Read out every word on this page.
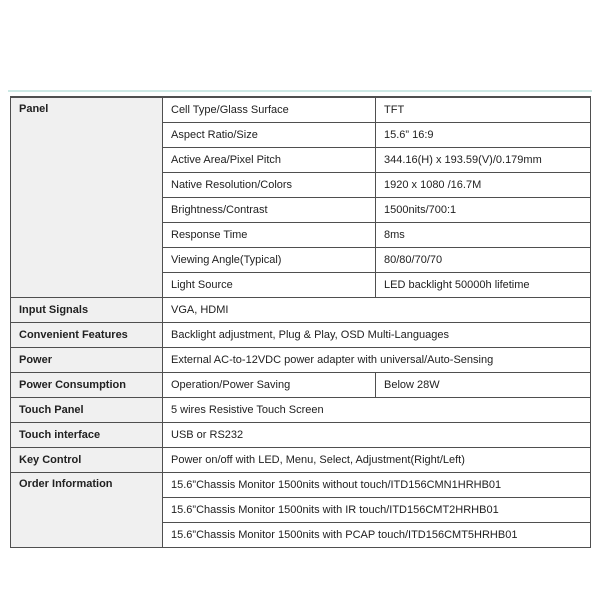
Panel	Cell Type/Glass Surface	TFT
	Aspect Ratio/Size	15.6” 16:9
	Active Area/Pixel Pitch	344.16(H) x 193.59(V)/0.179mm
	Native Resolution/Colors	1920 x 1080 /16.7M
	Brightness/Contrast	1500nits/700:1
	Response Time	8ms
	Viewing Angle(Typical)	80/80/70/70
	Light Source	LED backlight 50000h lifetime
Input Signals	VGA, HDMI	
Convenient Features	Backlight adjustment, Plug & Play, OSD Multi-Languages	
Power	External AC-to-12VDC power adapter with universal/Auto-Sensing	
Power Consumption	Operation/Power Saving	Below 28W
Touch Panel	5 wires Resistive Touch Screen	
Touch interface	USB or RS232	
Key Control	Power on/off with LED, Menu, Select, Adjustment(Right/Left)	
Order Information	15.6”Chassis Monitor 1500nits without touch/ITD156CMN1HRHB01	
	15.6”Chassis Monitor 1500nits with IR touch/ITD156CMT2HRHB01	
	15.6”Chassis Monitor 1500nits with PCAP touch/ITD156CMT5HRHB01	
